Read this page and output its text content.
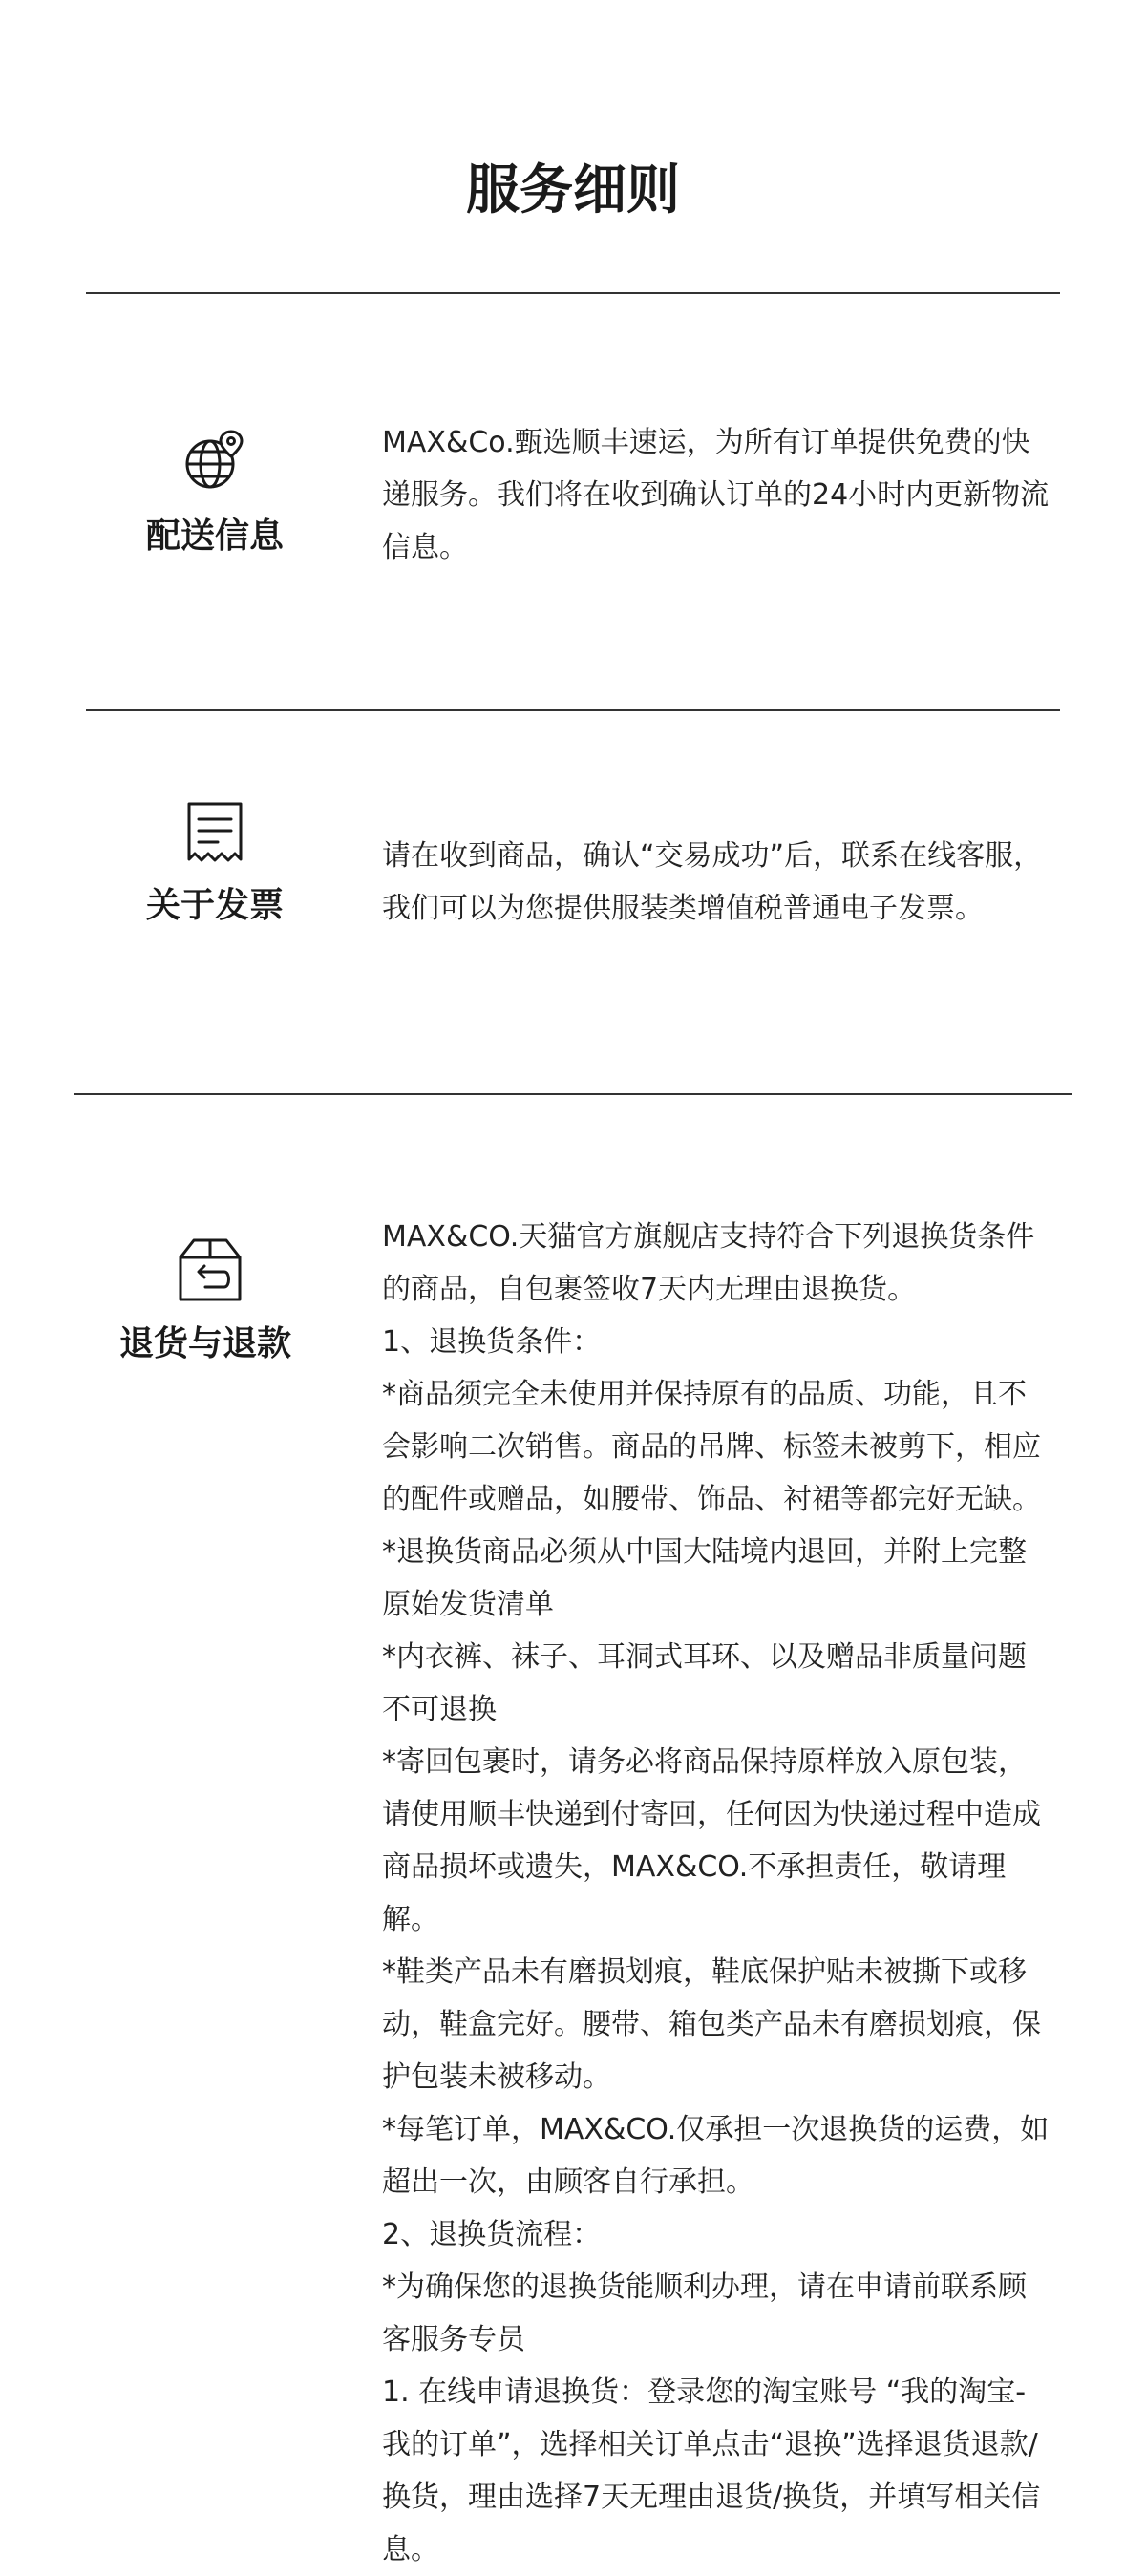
服务细则
配送信息

MAX&Co.甄选顺丰速运，为所有订单提供免费的快递服务。我们将在收到确认订单的24小时内更新物流信息。

关于发票

请在收到商品，确认“交易成功”后，联系在线客服，我们可以为您提供服装类增值税普通电子发票。

退货与退款

MAX&CO.天猫官方旗舰店支持符合下列退换货条件的商品，自包裹签收7天内无理由退换货。

1、退换货条件：

*商品须完全未使用并保持原有的品质、功能，且不会影响二次销售。商品的吊牌、标签未被剪下，相应的配件或赠品，如腰带、饰品、衬裙等都完好无缺。

*退换货商品必须从中国大陆境内退回，并附上完整原始发货清单

*内衣裤、袜子、耳洞式耳环、以及赠品非质量问题不可退换

*寄回包裹时，请务必将商品保持原样放入原包装，请使用顺丰快递到付寄回，任何因为快递过程中造成商品损坏或遗失，MAX&CO.不承担责任，敬请理解。

*鞋类产品未有磨损划痕，鞋底保护贴未被撕下或移动，鞋盒完好。腰带、箱包类产品未有磨损划痕，保护包装未被移动。

*每笔订单，MAX&CO.仅承担一次退换货的运费，如超出一次，由顾客自行承担。

2、退换货流程：

*为确保您的退换货能顺利办理，请在申请前联系顾客服务专员

1. 在线申请退换货：登录您的淘宝账号 “我的淘宝-我的订单”，选择相关订单点击“退换”选择退货退款/换货，理由选择7天无理由退货/换货，并填写相关信息。
